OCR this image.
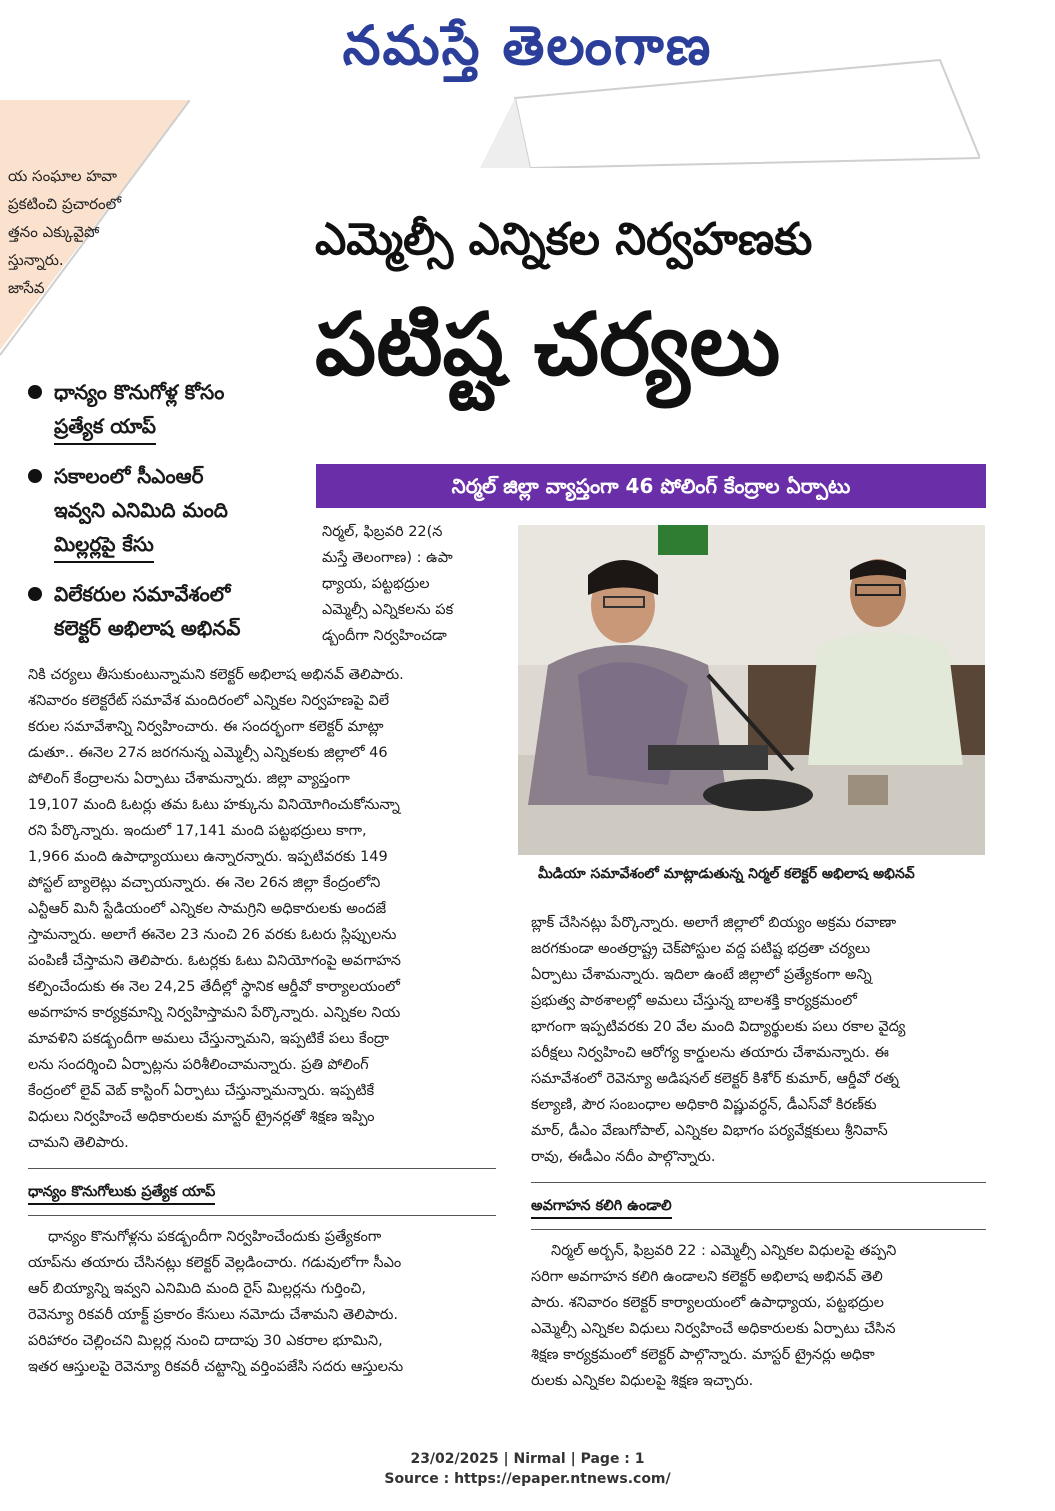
నమస్తే తెలంగాణ
య సంఘాల హవా
ప్రకటించి ప్రచారంలో
త్తనం ఎక్కువైపో
స్తున్నారు.
జాసేవ
ఎమ్మెల్సీ ఎన్నికల నిర్వహణకు
పటిష్ట చర్యలు
ధాన్యం కొనుగోళ్ల కోసం
ప్రత్యేక యాప్
సకాలంలో సీఎంఆర్
ఇవ్వని ఎనిమిది మంది
మిల్లర్లపై కేసు
విలేకరుల సమావేశంలో
కలెక్టర్ అభిలాష అభినవ్
నిర్మల్ జిల్లా వ్యాప్తంగా 46 పోలింగ్ కేంద్రాల ఏర్పాటు
మీడియా సమావేశంలో మాట్లాడుతున్న నిర్మల్ కలెక్టర్ అభిలాష అభినవ్
నిర్మల్, ఫిబ్రవరి 22(న
మస్తే తెలంగాణ) : ఉపా
ధ్యాయ, పట్టభద్రుల
ఎమ్మెల్సీ ఎన్నికలను పక
డ్బందీగా నిర్వహించడా
నికి చర్యలు తీసుకుంటున్నామని కలెక్టర్ అభిలాష అభినవ్ తెలిపారు.
శనివారం కలెక్టరేట్ సమావేశ మందిరంలో ఎన్నికల నిర్వహణపై విలే
కరుల సమావేశాన్ని నిర్వహించారు. ఈ సందర్భంగా కలెక్టర్ మాట్లా
డుతూ.. ఈనెల 27న జరగనున్న ఎమ్మెల్సీ ఎన్నికలకు జిల్లాలో 46
పోలింగ్ కేంద్రాలను ఏర్పాటు చేశామన్నారు. జిల్లా వ్యాప్తంగా
19,107 మంది ఓటర్లు తమ ఓటు హక్కును వినియోగించుకోనున్నా
రని పేర్కొన్నారు. ఇందులో 17,141 మంది పట్టభద్రులు కాగా,
1,966 మంది ఉపాధ్యాయులు ఉన్నారన్నారు. ఇప్పటివరకు 149
పోస్టల్ బ్యాలెట్లు వచ్చాయన్నారు. ఈ నెల 26న జిల్లా కేంద్రంలోని
ఎన్టీఆర్ మినీ స్టేడియంలో ఎన్నికల సామగ్రిని అధికారులకు అందజే
స్తామన్నారు. అలాగే ఈనెల 23 నుంచి 26 వరకు ఓటరు స్లిప్పులను
పంపిణీ చేస్తామని తెలిపారు. ఓటర్లకు ఓటు వినియోగంపై అవగాహన
కల్పించేందుకు ఈ నెల 24,25 తేదీల్లో స్థానిక ఆర్డీవో కార్యాలయంలో
అవగాహన కార్యక్రమాన్ని నిర్వహిస్తామని పేర్కొన్నారు. ఎన్నికల నియ
మావళిని పకడ్బందీగా అమలు చేస్తున్నామని, ఇప్పటికే పలు కేంద్రా
లను సందర్శించి ఏర్పాట్లను పరిశీలించామన్నారు. ప్రతి పోలింగ్
కేంద్రంలో లైవ్ వెబ్ కాస్టింగ్ ఏర్పాటు చేస్తున్నామన్నారు. ఇప్పటికే
విధులు నిర్వహించే అధికారులకు మాస్టర్ ట్రైనర్లతో శిక్షణ ఇప్పిం
చామని తెలిపారు.
ధాన్యం కొనుగోలుకు ప్రత్యేక యాప్
ధాన్యం కొనుగోళ్లను పకడ్బందీగా నిర్వహించేందుకు ప్రత్యేకంగా
యాప్‌ను తయారు చేసినట్లు కలెక్టర్ వెల్లడించారు. గడువులోగా సీఎం
ఆర్ బియ్యాన్ని ఇవ్వని ఎనిమిది మంది రైస్ మిల్లర్లను గుర్తించి,
రెవెన్యూ రికవరీ యాక్ట్ ప్రకారం కేసులు నమోదు చేశామని తెలిపారు.
పరిహారం చెల్లించని మిల్లర్ల నుంచి దాదాపు 30 ఎకరాల భూమిని,
ఇతర ఆస్తులపై రెవెన్యూ రికవరీ చట్టాన్ని వర్తింపజేసి సదరు ఆస్తులను
బ్లాక్ చేసినట్లు పేర్కొన్నారు. అలాగే జిల్లాలో బియ్యం అక్రమ రవాణా
జరగకుండా అంతర్రాష్ట్ర చెక్‌పోస్టుల వద్ద పటిష్ట భద్రతా చర్యలు
ఏర్పాటు చేశామన్నారు. ఇదిలా ఉంటే జిల్లాలో ప్రత్యేకంగా అన్ని
ప్రభుత్వ పాఠశాలల్లో అమలు చేస్తున్న బాలశక్తి కార్యక్రమంలో
భాగంగా ఇప్పటివరకు 20 వేల మంది విద్యార్థులకు పలు రకాల వైద్య
పరీక్షలు నిర్వహించి ఆరోగ్య కార్డులను తయారు చేశామన్నారు. ఈ
సమావేశంలో రెవెన్యూ అడిషనల్ కలెక్టర్ కిశోర్ కుమార్, ఆర్డీవో రత్న
కల్యాణి, పౌర సంబంధాల అధికారి విష్ణువర్ధన్, డీఎస్‌వో కిరణ్‌కు
మార్, డీఎం వేణుగోపాల్, ఎన్నికల విభాగం పర్యవేక్షకులు శ్రీనివాస్
రావు, ఈడీఎం నదీం పాల్గొన్నారు.
అవగాహన కలిగి ఉండాలి
నిర్మల్ అర్బన్, ఫిబ్రవరి 22 : ఎమ్మెల్సీ ఎన్నికల విధులపై తప్పని
సరిగా అవగాహన కలిగి ఉండాలని కలెక్టర్ అభిలాష అభినవ్ తెలి
పారు. శనివారం కలెక్టర్ కార్యాలయంలో ఉపాధ్యాయ, పట్టభద్రుల
ఎమ్మెల్సీ ఎన్నికల విధులు నిర్వహించే అధికారులకు ఏర్పాటు చేసిన
శిక్షణ కార్యక్రమంలో కలెక్టర్ పాల్గొన్నారు. మాస్టర్ ట్రైనర్లు అధికా
రులకు ఎన్నికల విధులపై శిక్షణ ఇచ్చారు.
23/02/2025 | Nirmal | Page : 1
Source : https://epaper.ntnews.com/
